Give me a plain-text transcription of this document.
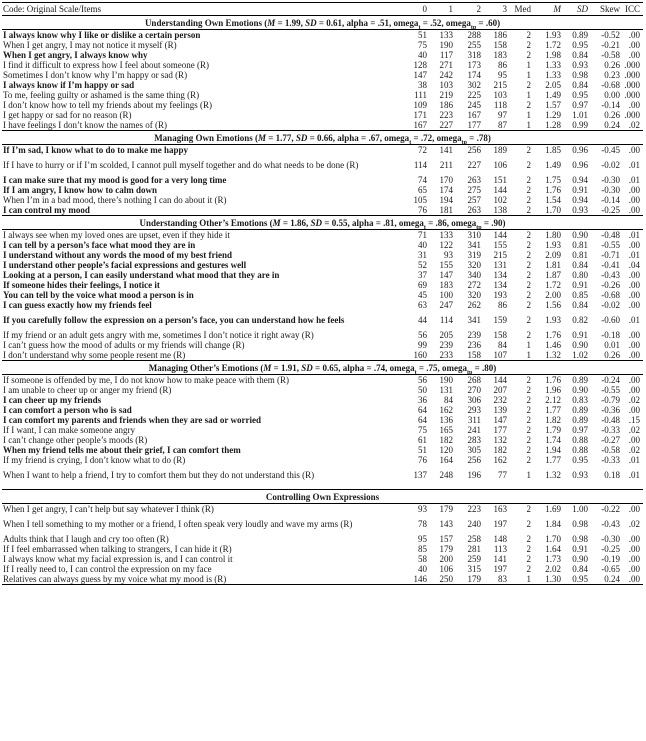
Code: Original Scale/Items	0	1	2	3	Med	M	SD	Skew	ICC
Understanding Own Emotions (M = 1.99, SD = 0.61, alpha = .51, omega$_t$ = .52, omega$_{tp}$ = .60)									
I always know why I like or dislike a certain person	51	133	288	186	2	1.93	0.89	-0.52	.00
When I get angry, I may not notice it myself (R)	75	190	255	158	2	1.72	0.95	-0.21	.00
When I get angry, I always know why	40	117	318	183	2	1.98	0.84	-0.58	.00
I find it difficult to express how I feel about someone (R)	128	271	173	86	1	1.33	0.93	0.26	.000
Sometimes I don’t know why I’m happy or sad (R)	147	242	174	95	1	1.33	0.98	0.23	.000
I always know if I’m happy or sad	38	103	302	215	2	2.05	0.84	-0.68	.000
To me, feeling guilty or ashamed is the same thing (R)	111	219	225	103	1	1.49	0.95	0.00	.000
I don’t know how to tell my friends about my feelings (R)	109	186	245	118	2	1.57	0.97	-0.14	.00
I get happy or sad for no reason (R)	171	223	167	97	1	1.29	1.01	0.26	.000
I have feelings I don’t know the names of (R)	167	227	177	87	1	1.28	0.99	0.24	.02
Managing Own Emotions (M = 1.77, SD = 0.66, alpha = .67, omega$_t$ = .72, omega$_{tp}$ = .78)									
If I’m sad, I know what to do to make me happy	72	141	256	189	2	1.85	0.96	-0.45	.00
If I have to hurry or if I’m scolded, I cannot pull myself together and do what needs to be done (R)	114	211	227	106	2	1.49	0.96	-0.02	.01
I can make sure that my mood is good for a very long time	74	170	263	151	2	1.75	0.94	-0.30	.01
If I am angry, I know how to calm down	65	174	275	144	2	1.76	0.91	-0.30	.00
When I’m in a bad mood, there’s nothing I can do about it (R)	105	194	257	102	2	1.54	0.94	-0.14	.00
I can control my mood	76	181	263	138	2	1.70	0.93	-0.25	.00
Understanding Other’s Emotions (M = 1.86, SD = 0.55, alpha = .81, omega$_t$ = .86, omega$_{tp}$ = .90)									
I always see when my loved ones are upset, even if they hide it	71	133	310	144	2	1.80	0.90	-0.48	.01
I can tell by a person’s face what mood they are in	40	122	341	155	2	1.93	0.81	-0.55	.00
I understand without any words the mood of my best friend	31	93	319	215	2	2.09	0.81	-0.71	.01
I understand other people’s facial expressions and gestures well	52	155	320	131	2	1.81	0.84	-0.41	.04
Looking at a person, I can easily understand what mood that they are in	37	147	340	134	2	1.87	0.80	-0.43	.00
If someone hides their feelings, I notice it	69	183	272	134	2	1.72	0.91	-0.26	.00
You can tell by the voice what mood a person is in	45	100	320	193	2	2.00	0.85	-0.68	.00
I can guess exactly how my friends feel	63	247	262	86	2	1.56	0.84	-0.02	.00
If you carefully follow the expression on a person’s face, you can understand how he feels	44	114	341	159	2	1.93	0.82	-0.60	.01
If my friend or an adult gets angry with me, sometimes I don’t notice it right away (R)	56	205	239	158	2	1.76	0.91	-0.18	.00
I can’t guess how the mood of adults or my friends will change (R)	99	239	236	84	1	1.46	0.90	0.01	.00
I don’t understand why some people resent me (R)	160	233	158	107	1	1.32	1.02	0.26	.00
Managing Other’s Emotions (M = 1.91, SD = 0.65, alpha = .74, omega$_t$ = .75, omega$_{tp}$ = .80)									
If someone is offended by me, I do not know how to make peace with them (R)	56	190	268	144	2	1.76	0.89	-0.24	.00
I am unable to cheer up or anger my friend (R)	50	131	270	207	2	1.96	0.90	-0.55	.00
I can cheer up my friends	36	84	306	232	2	2.12	0.83	-0.79	.02
I can comfort a person who is sad	64	162	293	139	2	1.77	0.89	-0.36	.00
I can comfort my parents and friends when they are sad or worried	64	136	311	147	2	1.82	0.89	-0.48	.15
If I want, I can make someone angry	75	165	241	177	2	1.79	0.97	-0.33	.02
I can’t change other people’s moods (R)	61	182	283	132	2	1.74	0.88	-0.27	.00
When my friend tells me about their grief, I can comfort them	51	120	305	182	2	1.94	0.88	-0.58	.02
If my friend is crying, I don’t know what to do (R)	76	164	256	162	2	1.77	0.95	-0.33	.01
When I want to help a friend, I try to comfort them but they do not understand this (R)	137	248	196	77	1	1.32	0.93	0.18	.01

Controlling Own Expressions									
When I get angry, I can’t help but say whatever I think (R)	93	179	223	163	2	1.69	1.00	-0.22	.00
When I tell something to my mother or a friend, I often speak very loudly and wave my arms (R)	78	143	240	197	2	1.84	0.98	-0.43	.02
Adults think that I laugh and cry too often (R)	95	157	258	148	2	1.70	0.98	-0.30	.00
If I feel embarrassed when talking to strangers, I can hide it (R)	85	179	281	113	2	1.64	0.91	-0.25	.00
I always know what my facial expression is, and I can control it	58	200	259	141	2	1.73	0.90	-0.19	.00
If I really need to, I can control the expression on my face	40	106	315	197	2	2.02	0.84	-0.65	.00
Relatives can always guess by my voice what my mood is (R)	146	250	179	83	1	1.30	0.95	0.24	.00
